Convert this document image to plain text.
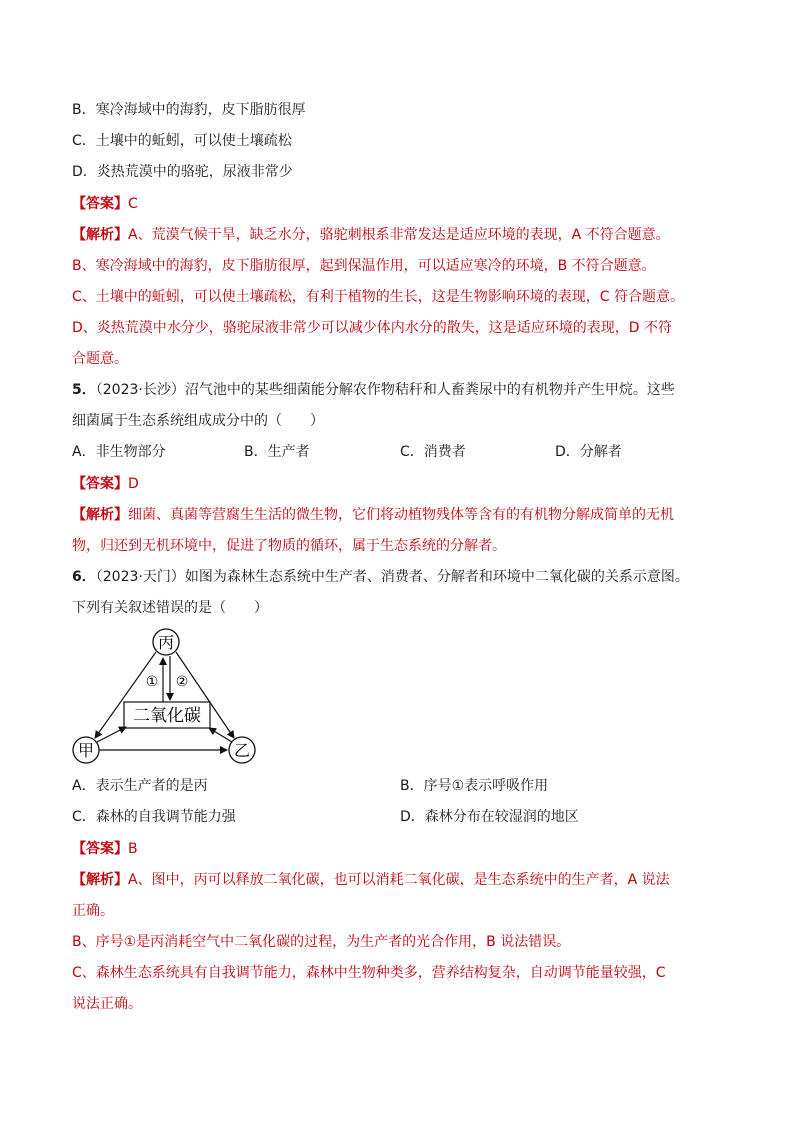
B．寒冷海域中的海豹，皮下脂肪很厚
C．土壤中的蚯蚓，可以使土壤疏松
D．炎热荒漠中的骆驼，尿液非常少
【答案】C
【解析】A、荒漠气候干旱，缺乏水分，骆驼刺根系非常发达是适应环境的表现，A 不符合题意。
B、寒冷海域中的海豹，皮下脂肪很厚，起到保温作用，可以适应寒冷的环境，B 不符合题意。
C、土壤中的蚯蚓，可以使土壤疏松，有利于植物的生长，这是生物影响环境的表现，C 符合题意。
D、炎热荒漠中水分少，骆驼尿液非常少可以减少体内水分的散失，这是适应环境的表现，D 不符
合题意。
5．（2023·长沙）沼气池中的某些细菌能分解农作物秸秆和人畜粪尿中的有机物并产生甲烷。这些
细菌属于生态系统组成成分中的（　　）
A．非生物部分	B．生产者	C．消费者	D．分解者
【答案】D
【解析】细菌、真菌等营腐生生活的微生物，它们将动植物残体等含有的有机物分解成简单的无机
物，归还到无机环境中，促进了物质的循环，属于生态系统的分解者。
6．（2023·天门）如图为森林生态系统中生产者、消费者、分解者和环境中二氧化碳的关系示意图。
下列有关叙述错误的是（　　）
丙
甲	乙
二氧化碳
① ②
A．表示生产者的是丙	B．序号①表示呼吸作用
C．森林的自我调节能力强	D．森林分布在较湿润的地区
【答案】B
【解析】A、图中，丙可以释放二氧化碳，也可以消耗二氧化碳，是生态系统中的生产者，A 说法
正确。
B、序号①是丙消耗空气中二氧化碳的过程，为生产者的光合作用，B 说法错误。
C、森林生态系统具有自我调节能力，森林中生物种类多，营养结构复杂，自动调节能量较强，C
说法正确。
